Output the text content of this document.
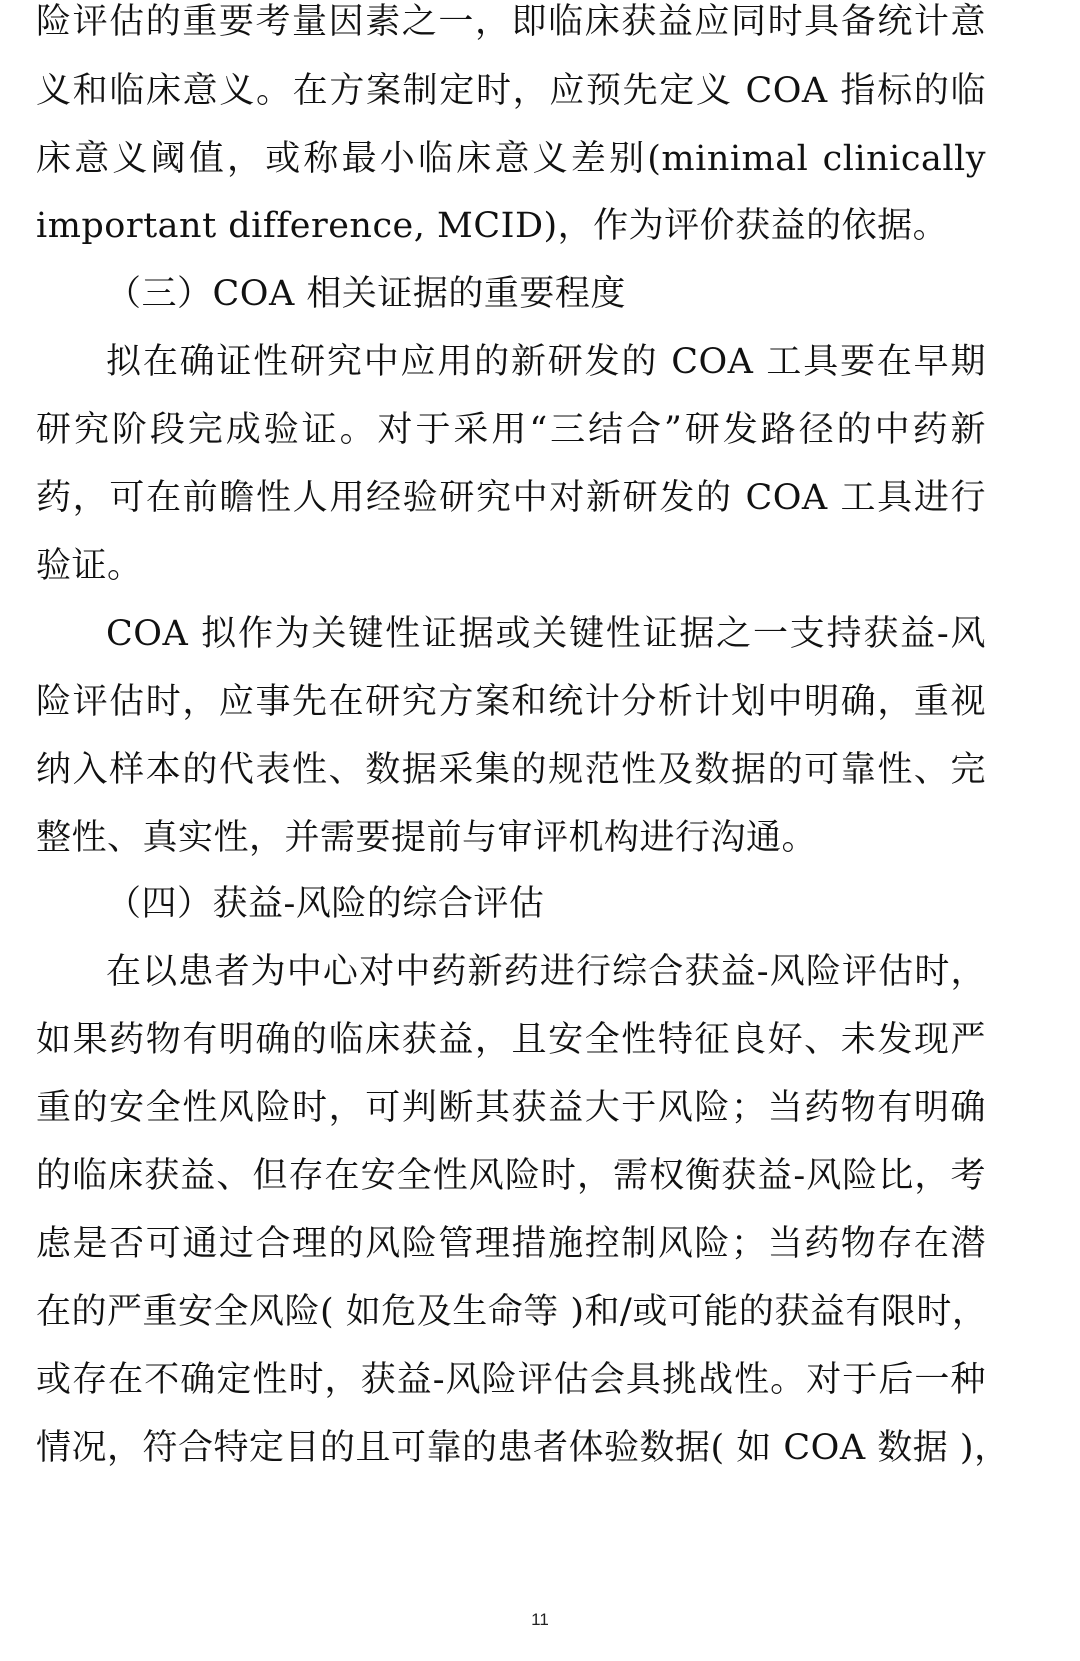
险评估的重要考量因素之一，即临床获益应同时具备统计意
义和临床意义。在方案制定时，应预先定义 COA 指标的临
床意义阈值，或称最小临床意义差别(minimal clinically
important difference, MCID)，作为评价获益的依据。
（三）COA 相关证据的重要程度
拟在确证性研究中应用的新研发的 COA 工具要在早期
研究阶段完成验证。对于采用“三结合”研发路径的中药新
药，可在前瞻性人用经验研究中对新研发的 COA 工具进行
验证。
COA 拟作为关键性证据或关键性证据之一支持获益-风
险评估时，应事先在研究方案和统计分析计划中明确，重视
纳入样本的代表性、数据采集的规范性及数据的可靠性、完
整性、真实性，并需要提前与审评机构进行沟通。
（四）获益-风险的综合评估
在以患者为中心对中药新药进行综合获益-风险评估时，
如果药物有明确的临床获益，且安全性特征良好、未发现严
重的安全性风险时，可判断其获益大于风险；当药物有明确
的临床获益、但存在安全性风险时，需权衡获益-风险比，考
虑是否可通过合理的风险管理措施控制风险；当药物存在潜
在的严重安全风险( 如危及生命等 )和/或可能的获益有限时，
或存在不确定性时，获益-风险评估会具挑战性。对于后一种
情况，符合特定目的且可靠的患者体验数据( 如 COA 数据 )，
11
